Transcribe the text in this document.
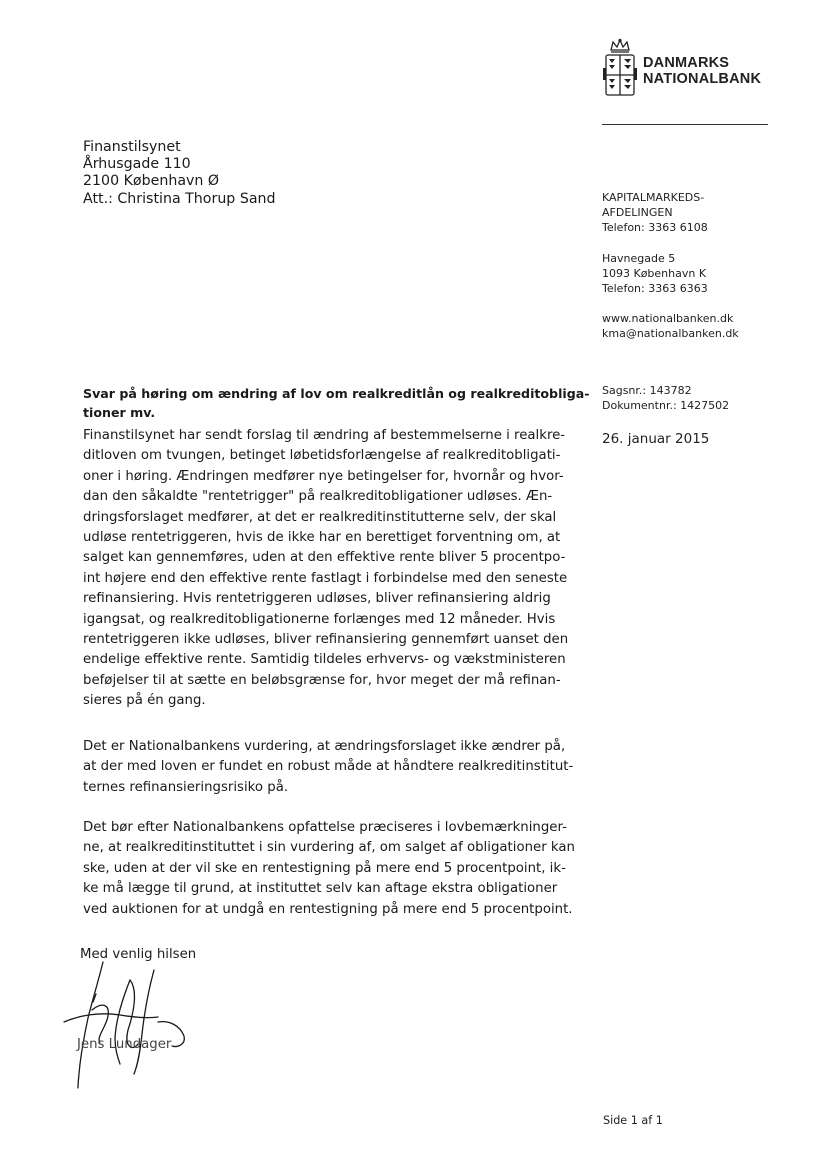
DANMARKS
NATIONALBANK
Finanstilsynet
Århusgade 110
2100 København Ø
Att.: Christina Thorup Sand	KAPITALMARKEDS-
AFDELINGEN
Telefon: 3363 6108
Havnegade 5
1093 København K
Telefon: 3363 6363
www.nationalbanken.dk
kma@nationalbanken.dk
Sagsnr.: 143782
Dokumentnr.: 1427502
26. januar 2015
Svar på høring om ændring af lov om realkreditlån og realkreditobliga-
tioner mv.
Finanstilsynet har sendt forslag til ændring af bestemmelserne i realkre-
ditloven om tvungen, betinget løbetidsforlængelse af realkreditobligati-
oner i høring. Ændringen medfører nye betingelser for, hvornår og hvor-
dan den såkaldte "rentetrigger" på realkreditobligationer udløses. Æn-
dringsforslaget medfører, at det er realkreditinstitutterne selv, der skal
udløse rentetriggeren, hvis de ikke har en berettiget forventning om, at
salget kan gennemføres, uden at den effektive rente bliver 5 procentpo-
int højere end den effektive rente fastlagt i forbindelse med den seneste
refinansiering. Hvis rentetriggeren udløses, bliver refinansiering aldrig
igangsat, og realkreditobligationerne forlænges med 12 måneder. Hvis
rentetriggeren ikke udløses, bliver refinansiering gennemført uanset den
endelige effektive rente. Samtidig tildeles erhvervs- og vækstministeren
beføjelser til at sætte en beløbsgrænse for, hvor meget der må refinan-
sieres på én gang.
Det er Nationalbankens vurdering, at ændringsforslaget ikke ændrer på,
at der med loven er fundet en robust måde at håndtere realkreditinstitut-
ternes refinansieringsrisiko på.
Det bør efter Nationalbankens opfattelse præciseres i lovbemærkninger-
ne, at realkreditinstituttet i sin vurdering af, om salget af obligationer kan
ske, uden at der vil ske en rentestigning på mere end 5 procentpoint, ik-
ke må lægge til grund, at instituttet selv kan aftage ekstra obligationer
ved auktionen for at undgå en rentestigning på mere end 5 procentpoint.
Med venlig hilsen
Jens Lundager
Side 1 af 1
